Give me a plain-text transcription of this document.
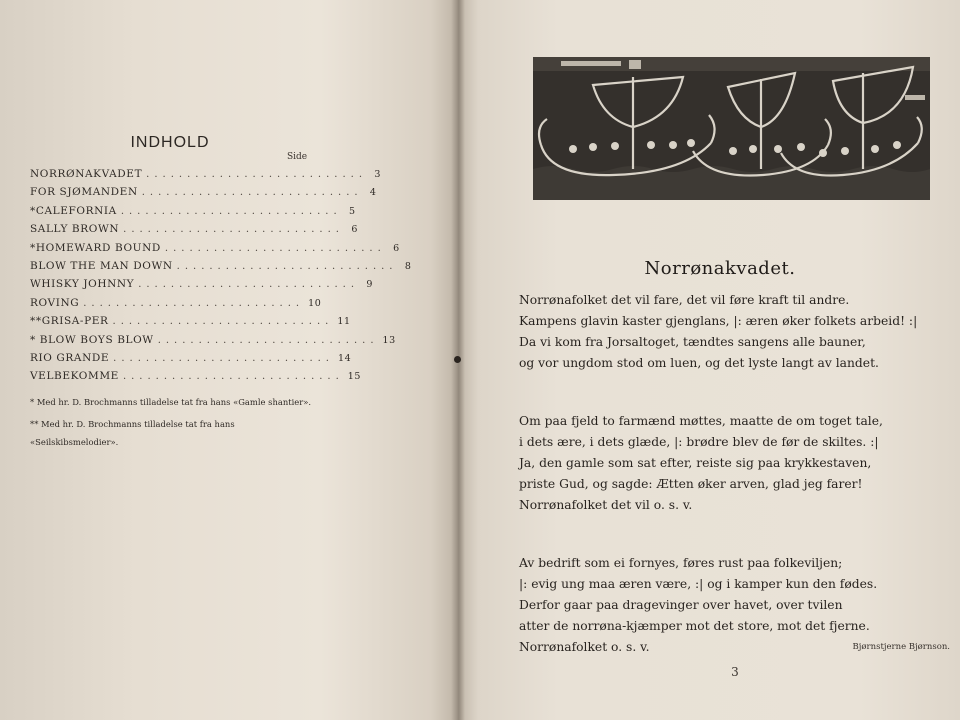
INDHOLD
Side
NORRØNAKVADET ........................... 3
FOR SJØMANDEN ........................... 4
*CALEFORNIA ........................... 5
SALLY BROWN ........................... 6
*HOMEWARD BOUND ........................... 6
BLOW THE MAN DOWN ........................... 8
WHISKY JOHNNY ........................... 9
ROVING ........................... 10
**GRISA-PER ........................... 11
* BLOW BOYS BLOW ........................... 13
RIO GRANDE ........................... 14
VELBEKOMME ........................... 15

* Med hr. D. Brochmanns tilladelse tat fra hans «Gamle shantier».

** Med hr. D. Brochmanns tilladelse tat fra hans «Seilskibsmelodier».

Norrønakvadet.
Norrønafolket det vil fare, det vil føre kraft til andre.
Kampens glavin kaster gjenglans, |: æren øker folkets arbeid! :|
Da vi kom fra Jorsaltoget, tændtes sangens alle bauner,
og vor ungdom stod om luen, og det lyste langt av landet.
Om paa fjeld to farmænd møttes, maatte de om toget tale,
i dets ære, i dets glæde, |: brødre blev de før de skiltes. :|
Ja, den gamle som sat efter, reiste sig paa krykkestaven,
priste Gud, og sagde: Ætten øker arven, glad jeg farer!
Norrønafolket det vil o. s. v.
Av bedrift som ei fornyes, føres rust paa folkeviljen;
|: evig ung maa æren være, :| og i kamper kun den fødes.
Derfor gaar paa dragevinger over havet, over tvilen
atter de norrøna-kjæmper mot det store, mot det fjerne.
Norrønafolket o. s. v.	Bjørnstjerne Bjørnson.
3
